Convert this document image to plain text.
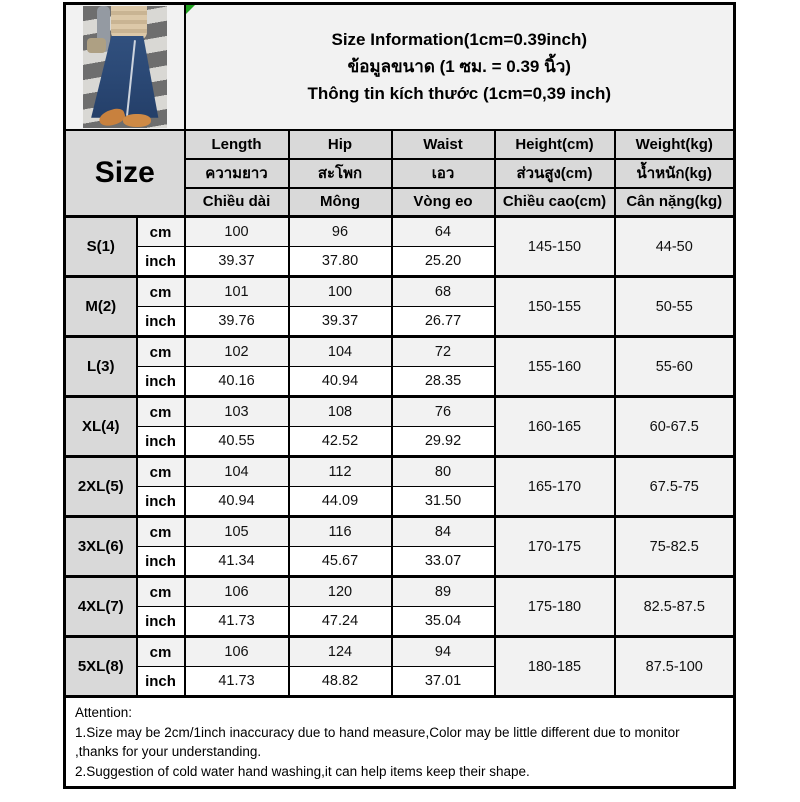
		Size Information(1cm=0.39inch)
ข้อมูลขนาด (1 ซม. = 0.39 นิ้ว)
Thông tin kích thước (1cm=0,39 inch)				

Size		Length	Hip	Waist	Height(cm)	Weight(kg)
		ความยาว	สะโพก	เอว	ส่วนสูง(cm)	น้ำหนัก(kg)
		Chiều dài	Mông	Vòng eo	Chiều cao(cm)	Cân nặng(kg)
S(1)	cm	100	96	64	145-150	44-50
	inch	39.37	37.80	25.20		
M(2)	cm	101	100	68	150-155	50-55
	inch	39.76	39.37	26.77		
L(3)	cm	102	104	72	155-160	55-60
	inch	40.16	40.94	28.35		
XL(4)	cm	103	108	76	160-165	60-67.5
	inch	40.55	42.52	29.92		
2XL(5)	cm	104	112	80	165-170	67.5-75
	inch	40.94	44.09	31.50		
3XL(6)	cm	105	116	84	170-175	75-82.5
	inch	41.34	45.67	33.07		
4XL(7)	cm	106	120	89	175-180	82.5-87.5
	inch	41.73	47.24	35.04		
5XL(8)	cm	106	124	94	180-185	87.5-100
	inch	41.73	48.82	37.01		

Attention:
1.Size may be 2cm/1inch inaccuracy due to hand measure,Color may be little different due to monitor
,thanks for your understanding.
2.Suggestion of cold water hand washing,it can help items keep their shape.						
